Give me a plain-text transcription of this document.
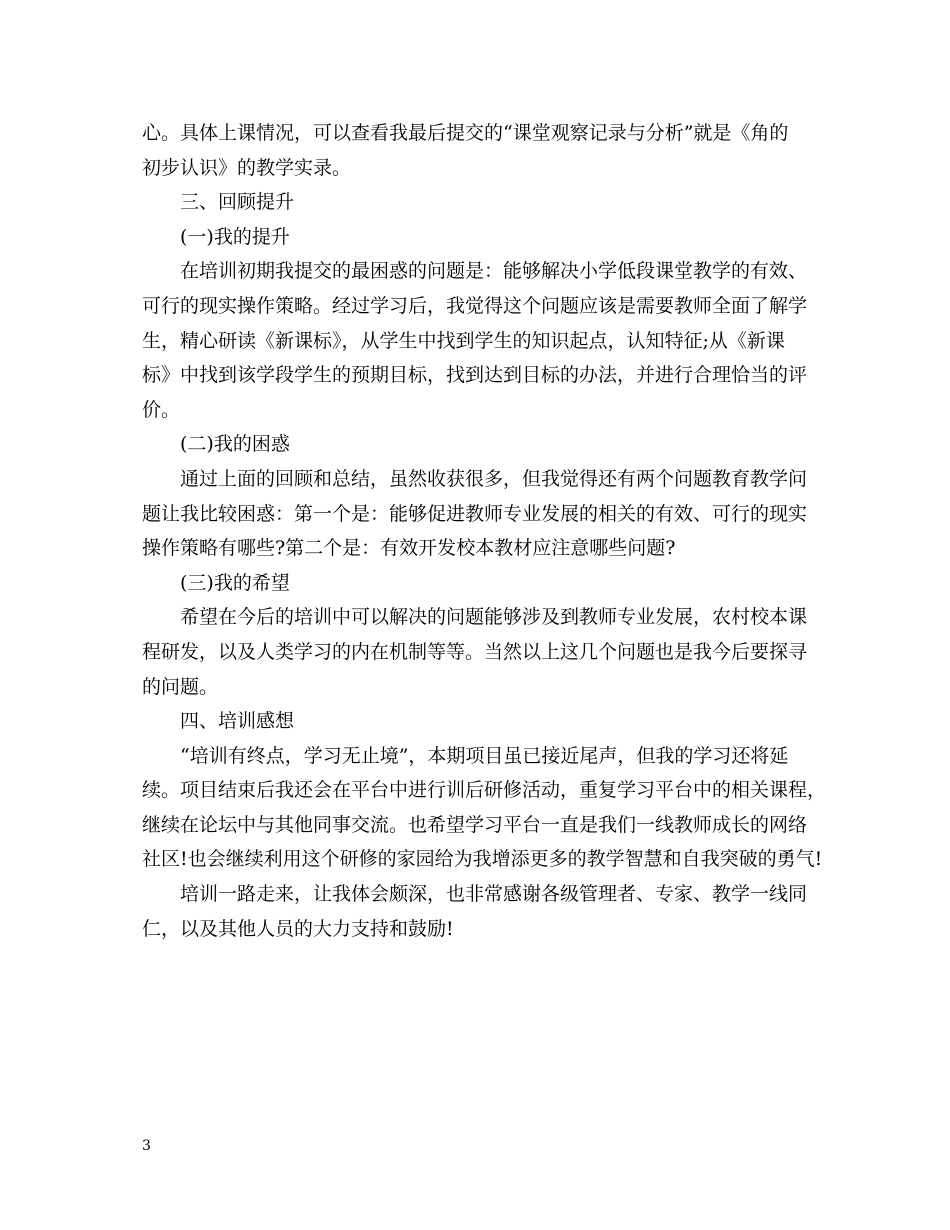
心。具体上课情况，可以查看我最后提交的“课堂观察记录与分析”就是《角的
初步认识》的教学实录。
三、回顾提升
(一)我的提升
在培训初期我提交的最困惑的问题是：能够解决小学低段课堂教学的有效、
可行的现实操作策略。经过学习后，我觉得这个问题应该是需要教师全面了解学
生，精心研读《新课标》，从学生中找到学生的知识起点，认知特征;从《新课
标》中找到该学段学生的预期目标，找到达到目标的办法，并进行合理恰当的评
价。
(二)我的困惑
通过上面的回顾和总结，虽然收获很多，但我觉得还有两个问题教育教学问
题让我比较困惑：第一个是：能够促进教师专业发展的相关的有效、可行的现实
操作策略有哪些?第二个是：有效开发校本教材应注意哪些问题?
(三)我的希望
希望在今后的培训中可以解决的问题能够涉及到教师专业发展，农村校本课
程研发，以及人类学习的内在机制等等。当然以上这几个问题也是我今后要探寻
的问题。
四、培训感想
“培训有终点，学习无止境”，本期项目虽已接近尾声，但我的学习还将延
续。项目结束后我还会在平台中进行训后研修活动，重复学习平台中的相关课程，
继续在论坛中与其他同事交流。也希望学习平台一直是我们一线教师成长的网络
社区!也会继续利用这个研修的家园给为我增添更多的教学智慧和自我突破的勇气!
培训一路走来，让我体会颇深，也非常感谢各级管理者、专家、教学一线同
仁，以及其他人员的大力支持和鼓励!
3
